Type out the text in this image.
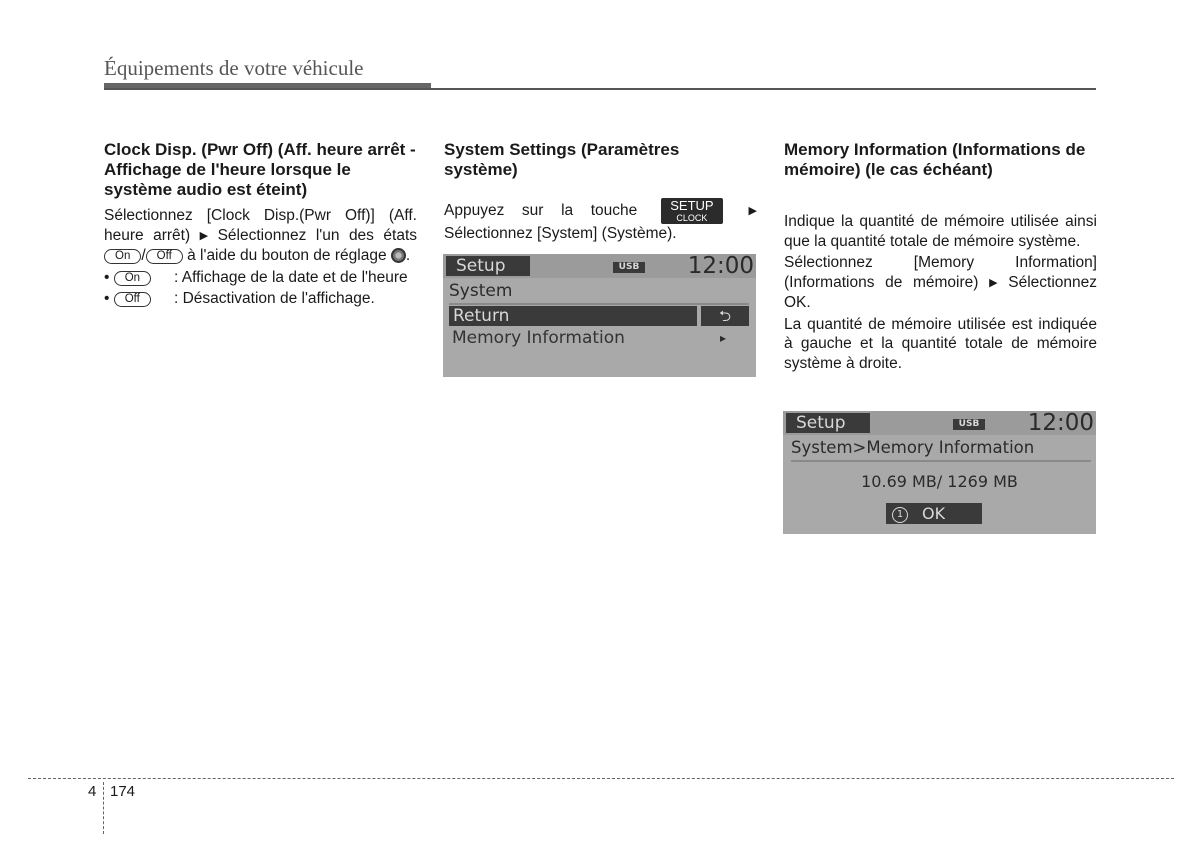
Équipements de votre véhicule

Clock Disp. (Pwr Off) (Aff. heure arrêt - Affichage de l'heure lorsque le système audio est éteint)

Sélectionnez [Clock Disp.(Pwr Off)] (Aff. heure arrêt) ▶ Sélectionnez l'un des états On / Off à l'aide du bouton de réglage .

• On	: Affichage de la date et de l'heure
• Off	: Désactivation de l'affichage.

System Settings (Paramètres système)

Appuyez sur la touche	SETUP
CLOCK
▶ Sélectionnez [System] (Système).

Setup	USB 12:00
System
Return	⮌
Memory Information	▸

Memory Information (Informations de mémoire) (le cas échéant)

Indique la quantité de mémoire utilisée ainsi que la quantité totale de mémoire système.

Sélectionnez [Memory Information] (Informations de mémoire) ▶ Sélectionnez OK.

La quantité de mémoire utilisée est indiquée à gauche et la quantité totale de mémoire système à droite.

Setup	USB 12:00
System>Memory Information
10.69 MB/ 1269 MB
1 OK
4 174
